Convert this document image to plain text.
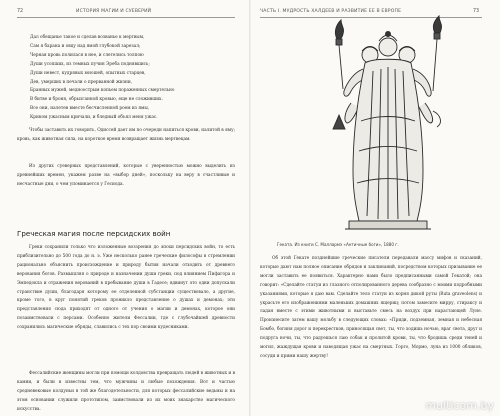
72	ИСТОРИЯ МАГИИ И СУЕВЕРИЙ
Дал обещанье такое и сделав возванье к мертвым,
Сам я барана и овцу над ямой глубокой зарезал;
Черная кровь полилася в нее, и слетелись толпою
Души усопших, из темных пучин Эреба поднявшись;
Души невест, кудрявых юношей, опытных старцев,
Дев, умерших в печали о прерванной жизни,
Бранных мужей, медноострым копьем пораженных смертельно
В битве и броня, обрызганной кровью, еще не сложивших.
Все они, налетев вместе бесчисленной роем из ямы,
Криком ужасным кричали, и бледный объял меня ужас.
Чтобы заставить их говорить, Одиссей дает им по очереди напиться крови, налитой в яму; кровь, как животная сила, на короткое время возвращает жизнь мертвецам.
Из других суеверных представлений, которые с уверенностью можно выделить из древнейших времен, укажем разве на «выбор дней», поскольку на веру в счастливые и несчастные дни, о чем упоминается у Гесиода.
Греческая магия после персидских войн
Греки сохранили только что изложенные воззрения до эпохи персидских войн, то есть приблизительно до 500 года до н. э. Уже несколько ранее греческие философы в стремлении рационально объяснить происхождение и природу бытия начали отходить от древнего верования богов. Размышляя о природе и назначении души греки, под влиянием Пифагора и Эмпедокла и отражения верований в пребывание души в Гадесе; вдвинут это одни допускали странствие души, благодаря которому ее отделенной субстанции существовало, а другие, кроме того, в круг понятий греков проникло представление о душах и демонах; эти представления сюда приходят от одного от учения о магии и демонах, которое они позаимствовали с персами. Особенно жители Фессалии, где с глубочайшей древности сохранились магические обряды, славились с тех пор своими кудесниками.
Фессалийские женщины могли при помощи колдовства превращать людей в животных и в камни, и были в известны тем, что мужчины и любые похождения. Вот и частью средневековые колдуньи в той же благодетельности, для которых фессалийские ведьмы и на этом основании служили прототипом, заимствовали из их моих знахарство магического искусства.
ЧАСТЬ I. МУДРОСТЬ ХАЛДЕЕВ И РАЗВИТИЕ ЕЕ В ЕВРОПЕ	73
Геката. Из книги С. Маллармэ «Античные боги», 1880 г.
Об этой Гекате позднейшие греческие писатели передавали массу мифов и сказаний, которые дают нам полное описание обрядов и заклинаний, посредством которых призывание ее могли заставить ее появиться. Характерно нами было предписанными самой Гекатой; она говорит: «Сделайте статуи из глазного отполированного дерева сообразно с моими подробными указаниями, которые я даю вам. Сделайте тело статуи из корня дикой руты (Ruta graveolens) и украсьте его изображениями маленьких домашних ящериц; потом замесите мирру, стираксу и ладан вместе с этими животными и выставьте смесь на воздух при нарастающей Луне. Произнесите затем вашу мольбу в следующих словах: «Приди, подземная, земная и небесная Бомбо, богиня дорог и перекрестков, приносящая свет, ты, что ходишь ночью, враг света, друг и подруга ночи, ты, что радуешься лаю собак и пролитой крови, ты, что бродишь среди теней и могил, жаждущая крови и наводящая ужас на смертных. Горго, Мормо, луна из 1000 обликов, сосуди и прими нашу жертву!
multicom.by
